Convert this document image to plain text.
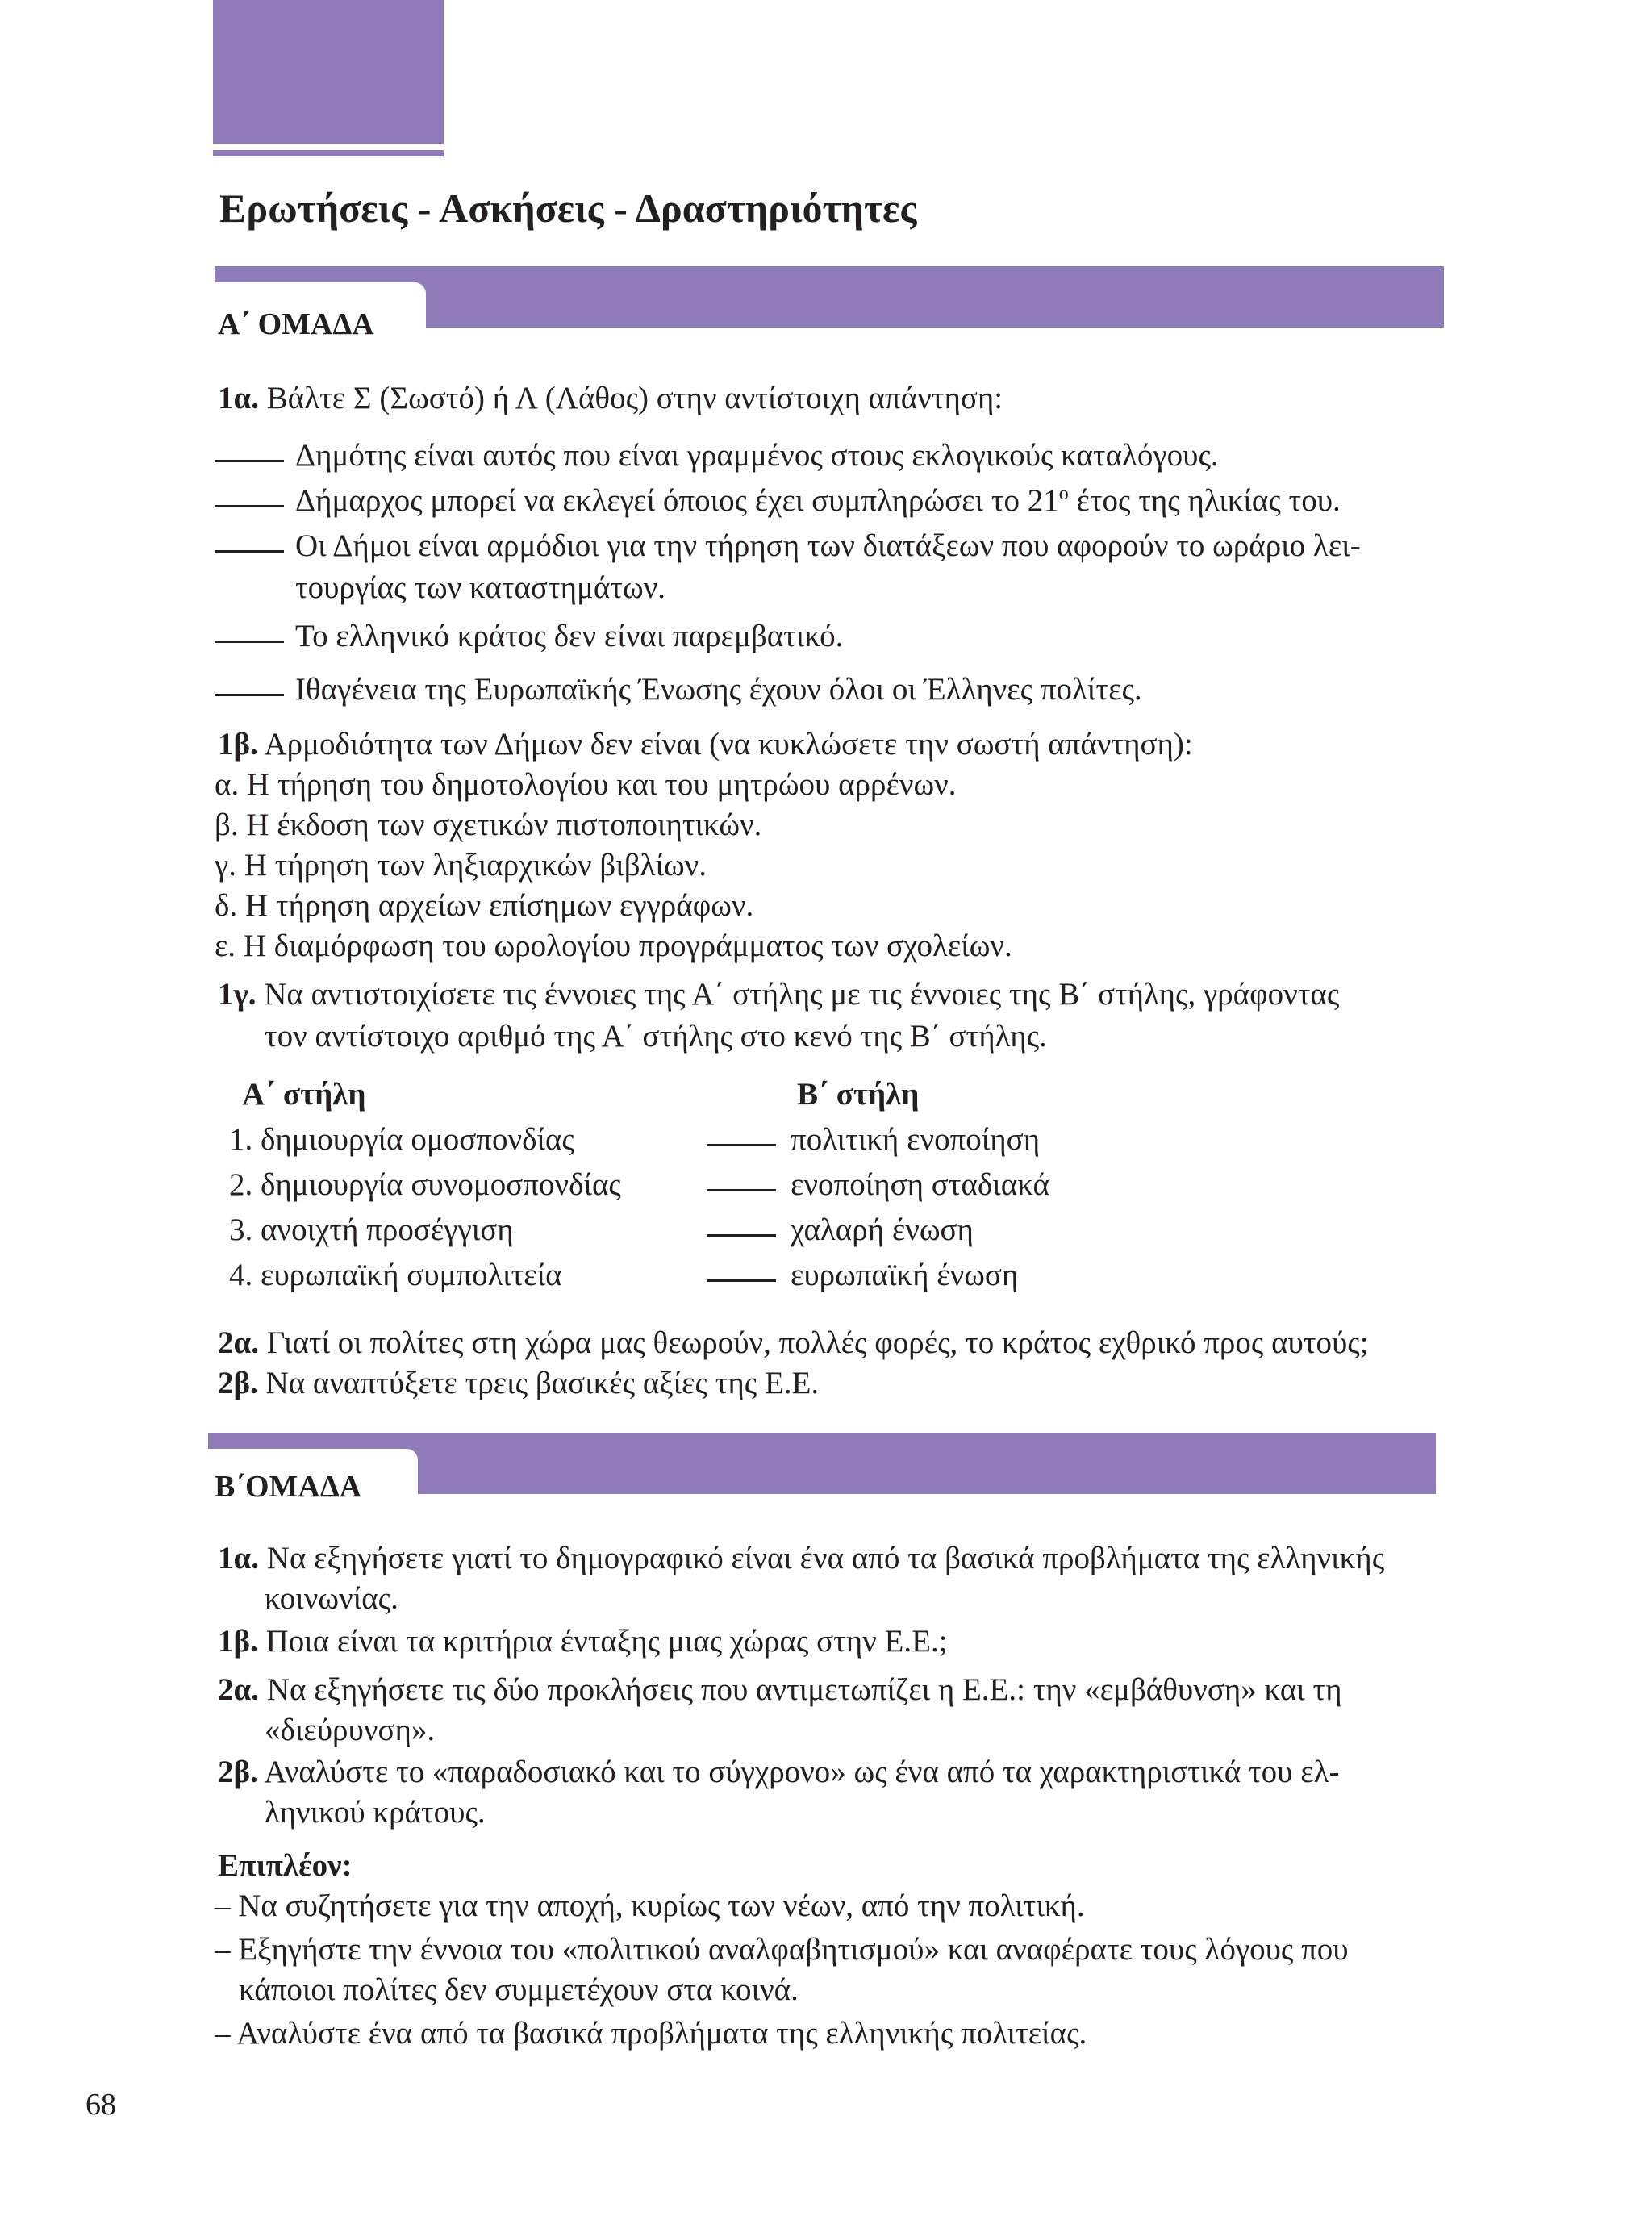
Ερωτήσεις - Ασκήσεις - Δραστηριότητες
Α΄ ΟΜΑΔΑ
1α. Βάλτε Σ (Σωστό) ή Λ (Λάθος) στην αντίστοιχη απάντηση:
Δημότης είναι αυτός που είναι γραμμένος στους εκλογικούς καταλόγους.
Δήμαρχος μπορεί να εκλεγεί όποιος έχει συμπληρώσει το $21^o$ έτος της ηλικίας του.
Οι Δήμοι είναι αρμόδιοι για την τήρηση των διατάξεων που αφορούν το ωράριο λει-
τουργίας των καταστημάτων.
Το ελληνικό κράτος δεν είναι παρεμβατικό.
Ιθαγένεια της Ευρωπαϊκής Ένωσης έχουν όλοι οι Έλληνες πολίτες.
1β. Αρμοδιότητα των Δήμων δεν είναι (να κυκλώσετε την σωστή απάντηση):
α. Η τήρηση του δημοτολογίου και του μητρώου αρρένων.
β. Η έκδοση των σχετικών πιστοποιητικών.
γ. Η τήρηση των ληξιαρχικών βιβλίων.
δ. Η τήρηση αρχείων επίσημων εγγράφων.
ε. Η διαμόρφωση του ωρολογίου προγράμματος των σχολείων.
1γ. Να αντιστοιχίσετε τις έννοιες της Α΄ στήλης με τις έννοιες της Β΄ στήλης, γράφοντας
τον αντίστοιχο αριθμό της Α΄ στήλης στο κενό της Β΄ στήλης.
Α΄ στήλη	Β΄ στήλη
1. δημιουργία ομοσπονδίας
2. δημιουργία συνομοσπονδίας
3. ανοιχτή προσέγγιση
4. ευρωπαϊκή συμπολιτεία
πολιτική ενοποίηση
ενοποίηση σταδιακά
χαλαρή ένωση
ευρωπαϊκή ένωση
2α. Γιατί οι πολίτες στη χώρα μας θεωρούν, πολλές φορές, το κράτος εχθρικό προς αυτούς;
2β. Να αναπτύξετε τρεις βασικές αξίες της Ε.Ε.
Β΄ΟΜΑΔΑ
1α. Να εξηγήσετε γιατί το δημογραφικό είναι ένα από τα βασικά προβλήματα της ελληνικής
κοινωνίας.
1β. Ποια είναι τα κριτήρια ένταξης μιας χώρας στην Ε.Ε.;
2α. Να εξηγήσετε τις δύο προκλήσεις που αντιμετωπίζει η Ε.Ε.: την «εμβάθυνση» και τη
«διεύρυνση».
2β. Αναλύστε το «παραδοσιακό και το σύγχρονο» ως ένα από τα χαρακτηριστικά του ελ-
ληνικού κράτους.
Επιπλέον:
– Να συζητήσετε για την αποχή, κυρίως των νέων, από την πολιτική.
– Εξηγήστε την έννοια του «πολιτικού αναλφαβητισμού» και αναφέρατε τους λόγους που
κάποιοι πολίτες δεν συμμετέχουν στα κοινά.
– Αναλύστε ένα από τα βασικά προβλήματα της ελληνικής πολιτείας.
68
